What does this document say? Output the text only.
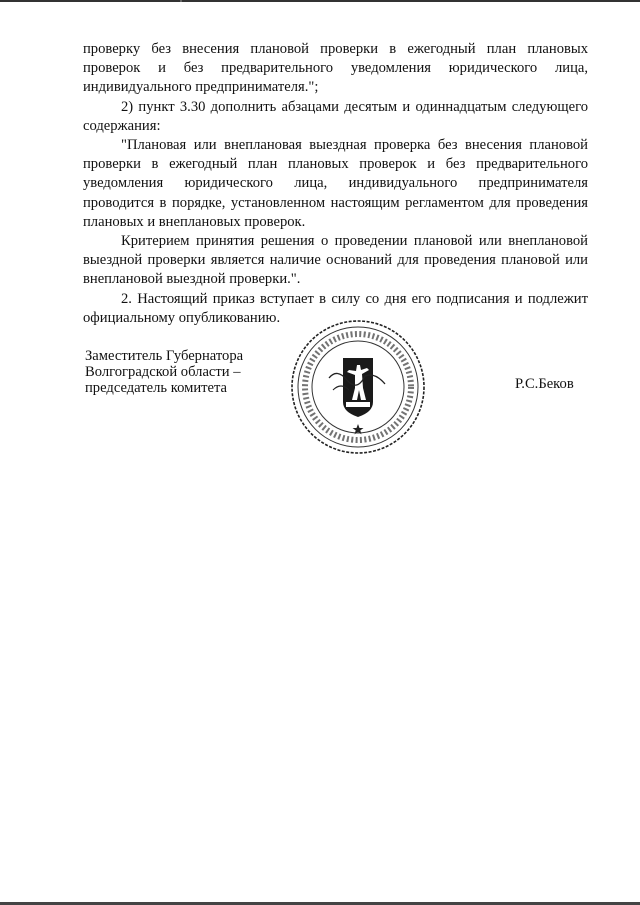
проверку без внесения плановой проверки в ежегодный план плановых проверок и без предварительного уведомления юридического лица, индивидуального предпринимателя.";

2) пункт 3.30 дополнить абзацами десятым и одиннадцатым следующего содержания:

"Плановая или внеплановая выездная проверка без внесения плановой проверки в ежегодный план плановых проверок и без предварительного уведомления юридического лица, индивидуального предпринимателя проводится в порядке, установленном настоящим регламентом для проведения плановых и внеплановых проверок.

Критерием принятия решения о проведении плановой или внеплановой выездной проверки является наличие оснований для проведения плановой или внеплановой выездной проверки.".

2. Настоящий приказ вступает в силу со дня его подписания и подлежит официальному опубликованию.

Заместитель Губернатора
Волгоградской области –
председатель комитета	Р.С.Беков
